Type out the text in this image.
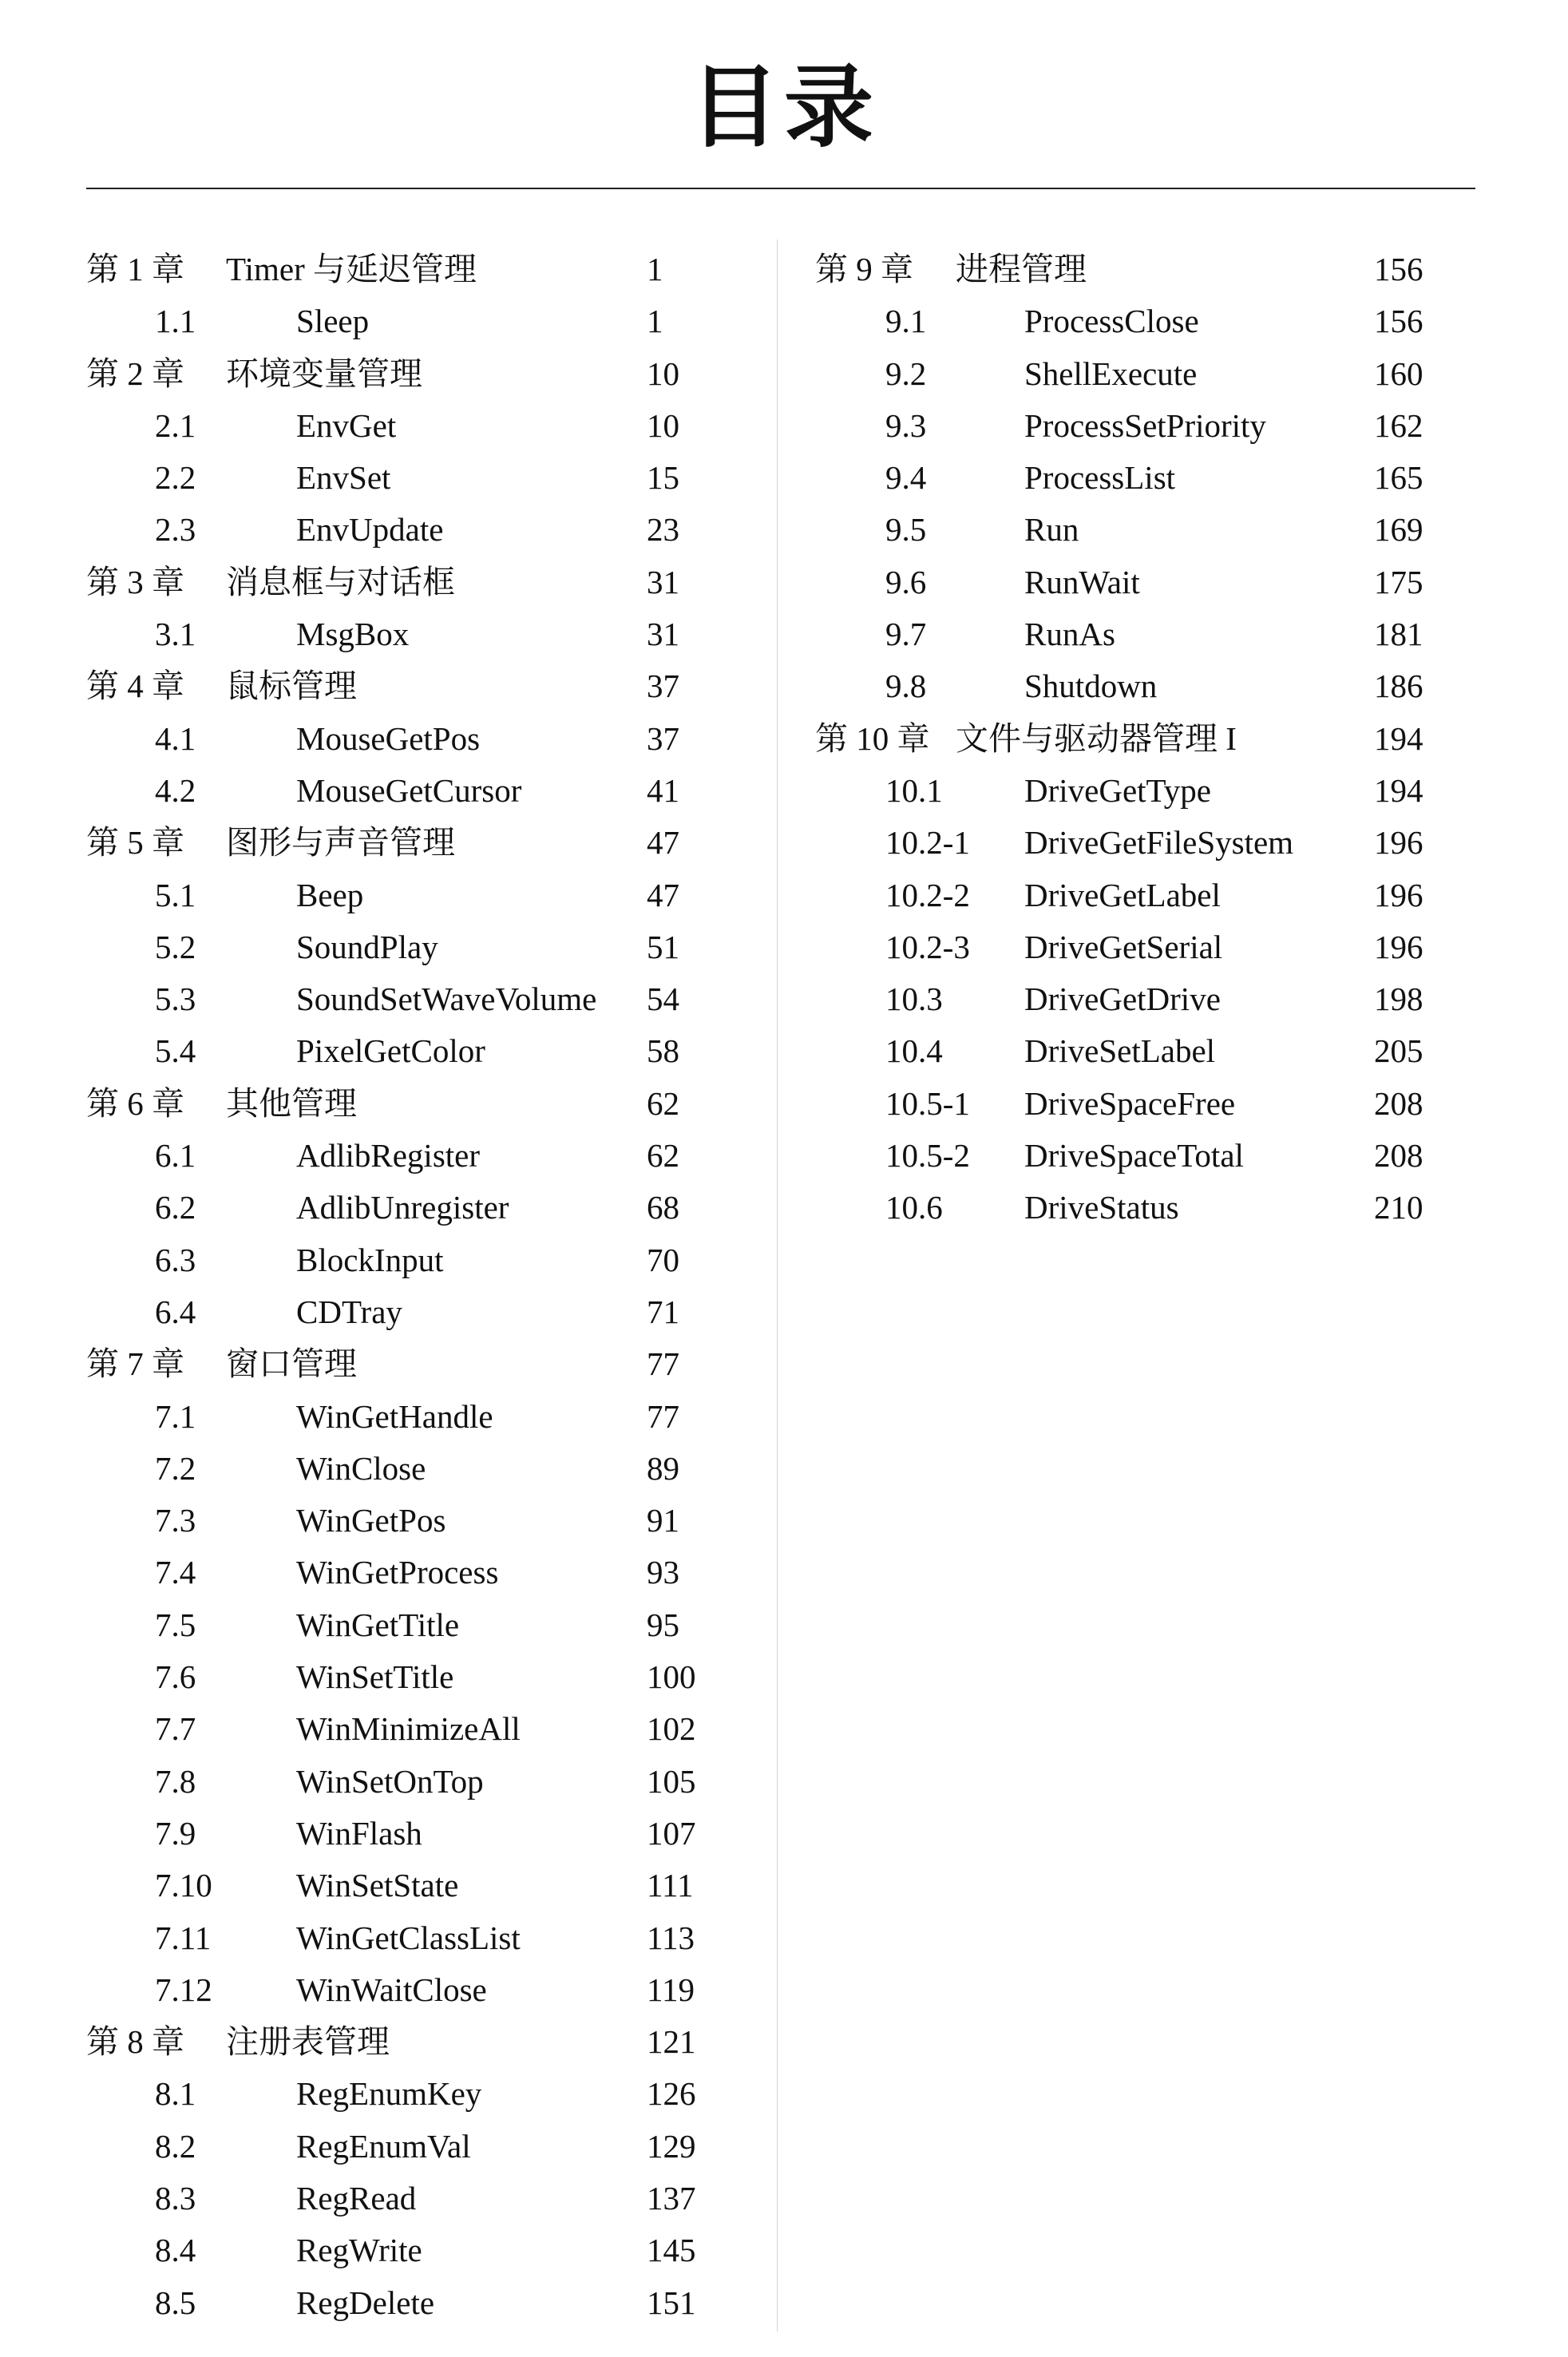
目录
第 1 章 Timer 与延迟管理	1
1.1	Sleep	1
第 2 章 环境变量管理	10
2.1	EnvGet	10
2.2	EnvSet	15
2.3	EnvUpdate	23
第 3 章 消息框与对话框	31
3.1	MsgBox	31
第 4 章 鼠标管理	37
4.1	MouseGetPos	37
4.2	MouseGetCursor	41
第 5 章 图形与声音管理	47
5.1	Beep	47
5.2	SoundPlay	51
5.3	SoundSetWaveVolume 54
5.4	PixelGetColor	58
第 6 章 其他管理	62
6.1	AdlibRegister	62
6.2	AdlibUnregister	68
6.3	BlockInput	70
6.4	CDTray	71
第 7 章 窗口管理	77
7.1	WinGetHandle	77
7.2	WinClose	89
7.3	WinGetPos	91
7.4	WinGetProcess	93
7.5	WinGetTitle	95
7.6	WinSetTitle	100
7.7	WinMinimizeAll	102
7.8	WinSetOnTop	105
7.9	WinFlash	107
7.10	WinSetState	111
7.11	WinGetClassList	113
7.12	WinWaitClose	119
第 8 章 注册表管理	121
8.1	RegEnumKey	126
8.2	RegEnumVal	129
8.3	RegRead	137
8.4	RegWrite	145
8.5	RegDelete	151
第 9 章 进程管理	156
9.1	ProcessClose	156
9.2	ShellExecute	160
9.3	ProcessSetPriority	162
9.4	ProcessList	165
9.5	Run	169
9.6	RunWait	175
9.7	RunAs	181
9.8	Shutdown	186
第 10 章 文件与驱动器管理 I	194
10.1 DriveGetType	194
10.2-1 DriveGetFileSystem 196
10.2-2 DriveGetLabel	196
10.2-3 DriveGetSerial	196
10.3 DriveGetDrive	198
10.4 DriveSetLabel	205
10.5-1 DriveSpaceFree	208
10.5-2 DriveSpaceTotal	208
10.6 DriveStatus	210
